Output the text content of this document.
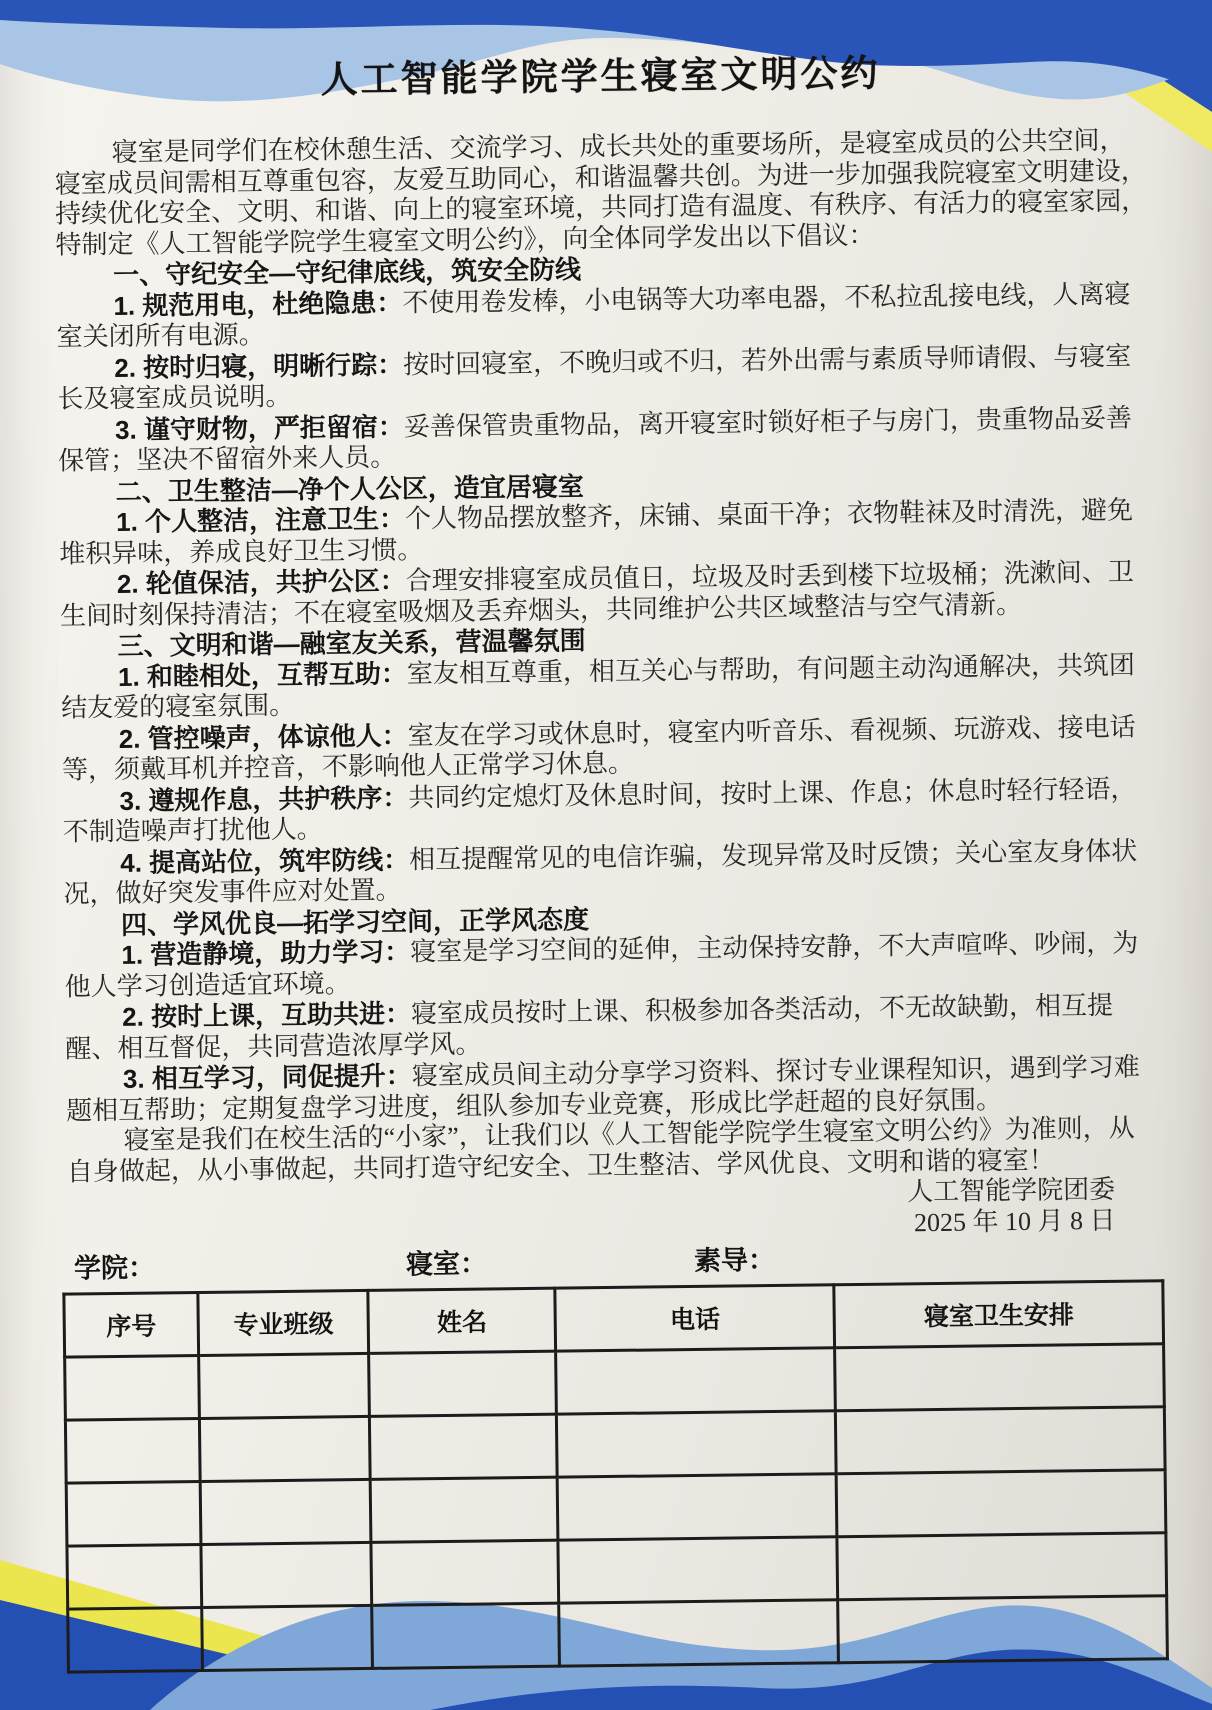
人工智能学院学生寝室文明公约

寝室是同学们在校休憩生活、交流学习、成长共处的重要场所，是寝室成员的公共空间，寝室成员间需相互尊重包容，友爱互助同心，和谐温馨共创。为进一步加强我院寝室文明建设，持续优化安全、文明、和谐、向上的寝室环境，共同打造有温度、有秩序、有活力的寝室家园，特制定《人工智能学院学生寝室文明公约》，向全体同学发出以下倡议：

一、守纪安全—守纪律底线，筑安全防线

1. 规范用电，杜绝隐患：不使用卷发棒，小电锅等大功率电器，不私拉乱接电线，人离寝室关闭所有电源。

2. 按时归寝，明晰行踪：按时回寝室，不晚归或不归，若外出需与素质导师请假、与寝室长及寝室成员说明。

3. 谨守财物，严拒留宿：妥善保管贵重物品，离开寝室时锁好柜子与房门，贵重物品妥善保管；坚决不留宿外来人员。

二、卫生整洁—净个人公区，造宜居寝室

1. 个人整洁，注意卫生：个人物品摆放整齐，床铺、桌面干净；衣物鞋袜及时清洗，避免堆积异味，养成良好卫生习惯。

2. 轮值保洁，共护公区：合理安排寝室成员值日，垃圾及时丢到楼下垃圾桶；洗漱间、卫生间时刻保持清洁；不在寝室吸烟及丢弃烟头，共同维护公共区域整洁与空气清新。

三、文明和谐—融室友关系，营温馨氛围

1. 和睦相处，互帮互助：室友相互尊重，相互关心与帮助，有问题主动沟通解决，共筑团结友爱的寝室氛围。

2. 管控噪声，体谅他人：室友在学习或休息时，寝室内听音乐、看视频、玩游戏、接电话等，须戴耳机并控音，不影响他人正常学习休息。

3. 遵规作息，共护秩序：共同约定熄灯及休息时间，按时上课、作息；休息时轻行轻语，不制造噪声打扰他人。

4. 提高站位，筑牢防线：相互提醒常见的电信诈骗，发现异常及时反馈；关心室友身体状况，做好突发事件应对处置。

四、学风优良—拓学习空间，正学风态度

1. 营造静境，助力学习：寝室是学习空间的延伸，主动保持安静，不大声喧哗、吵闹，为他人学习创造适宜环境。

2. 按时上课，互助共进：寝室成员按时上课、积极参加各类活动，不无故缺勤，相互提醒、相互督促，共同营造浓厚学风。

3. 相互学习，同促提升：寝室成员间主动分享学习资料、探讨专业课程知识，遇到学习难题相互帮助；定期复盘学习进度，组队参加专业竞赛，形成比学赶超的良好氛围。

寝室是我们在校生活的“小家”，让我们以《人工智能学院学生寝室文明公约》为准则，从自身做起，从小事做起，共同打造守纪安全、卫生整洁、学风优良、文明和谐的寝室！

人工智能学院团委

2025 年 10 月 8 日

学院：	寝室：	素导：
序号	专业班级	姓名	电话	寝室卫生安排
